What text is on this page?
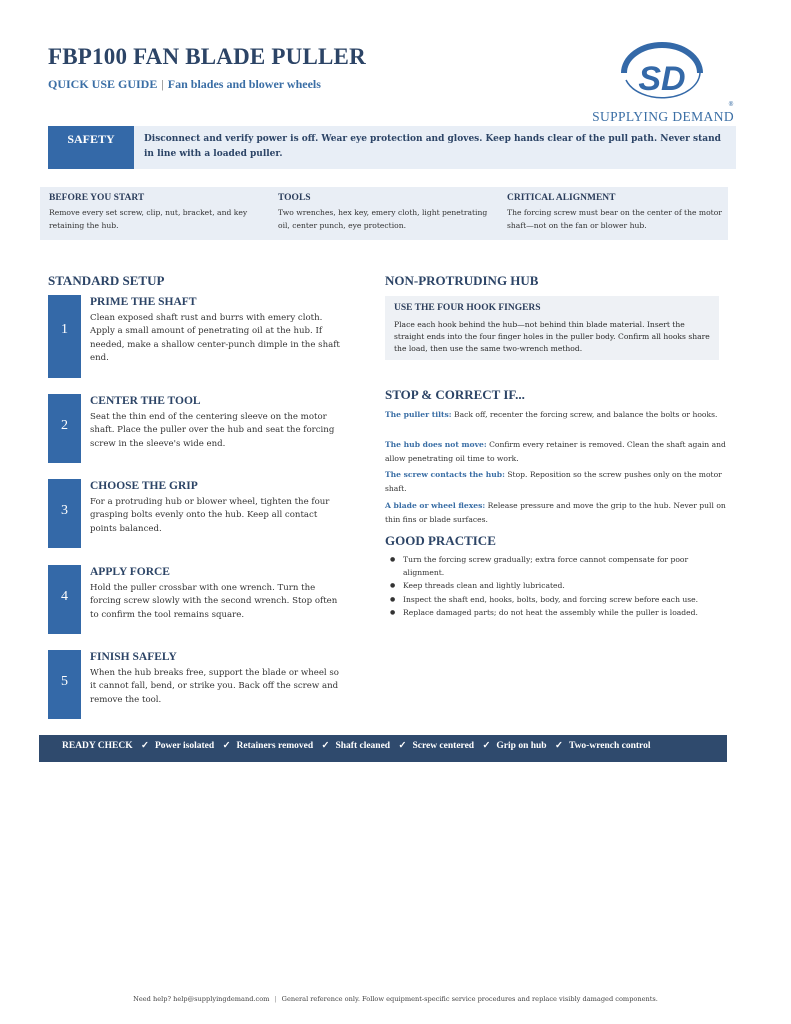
FBP100 FAN BLADE PULLER
QUICK USE GUIDE | Fan blades and blower wheels	SD
SUPPLYING DEMAND
®
SAFETY	Disconnect and verify power is off. Wear eye protection and gloves. Keep hands clear of the pull path. Never stand in line with a loaded puller.
BEFORE YOU START

Remove every set screw, clip, nut, bracket, and key retaining the hub.

TOOLS

Two wrenches, hex key, emery cloth, light penetrating oil, center punch, eye protection.

CRITICAL ALIGNMENT

The forcing screw must bear on the center of the motor shaft—not on the fan or blower hub.

STANDARD SETUP
1
PRIME THE SHAFT
Clean exposed shaft rust and burrs with emery cloth. Apply a small amount of penetrating oil at the hub. If needed, make a shallow center-punch dimple in the shaft end.
2
CENTER THE TOOL
Seat the thin end of the centering sleeve on the motor shaft. Place the puller over the hub and seat the forcing screw in the sleeve's wide end.
3
CHOOSE THE GRIP
For a protruding hub or blower wheel, tighten the four grasping bolts evenly onto the hub. Keep all contact points balanced.
4
APPLY FORCE
Hold the puller crossbar with one wrench. Turn the forcing screw slowly with the second wrench. Stop often to confirm the tool remains square.
5
FINISH SAFELY
When the hub breaks free, support the blade or wheel so it cannot fall, bend, or strike you. Back off the screw and remove the tool.
NON-PROTRUDING HUB
USE THE FOUR HOOK FINGERS

Place each hook behind the hub—not behind thin blade material. Insert the straight ends into the four finger holes in the puller body. Confirm all hooks share the load, then use the same two-wrench method.

STOP & CORRECT IF...
The puller tilts: Back off, recenter the forcing screw, and balance the bolts or hooks.
The hub does not move: Confirm every retainer is removed. Clean the shaft again and allow penetrating oil time to work.
The screw contacts the hub: Stop. Reposition so the screw pushes only on the motor shaft.
A blade or wheel flexes: Release pressure and move the grip to the hub. Never pull on thin fins or blade surfaces.
GOOD PRACTICE
● Turn the forcing screw gradually; extra force cannot compensate for poor alignment.
● Keep threads clean and lightly lubricated.
● Inspect the shaft end, hooks, bolts, body, and forcing screw before each use.
● Replace damaged parts; do not heat the assembly while the puller is loaded.
READY CHECK ✓ Power isolated ✓ Retainers removed ✓ Shaft cleaned ✓ Screw centered ✓ Grip on hub ✓ Two-wrench control
Need help? help@supplyingdemand.com | General reference only. Follow equipment-specific service procedures and replace visibly damaged components.
